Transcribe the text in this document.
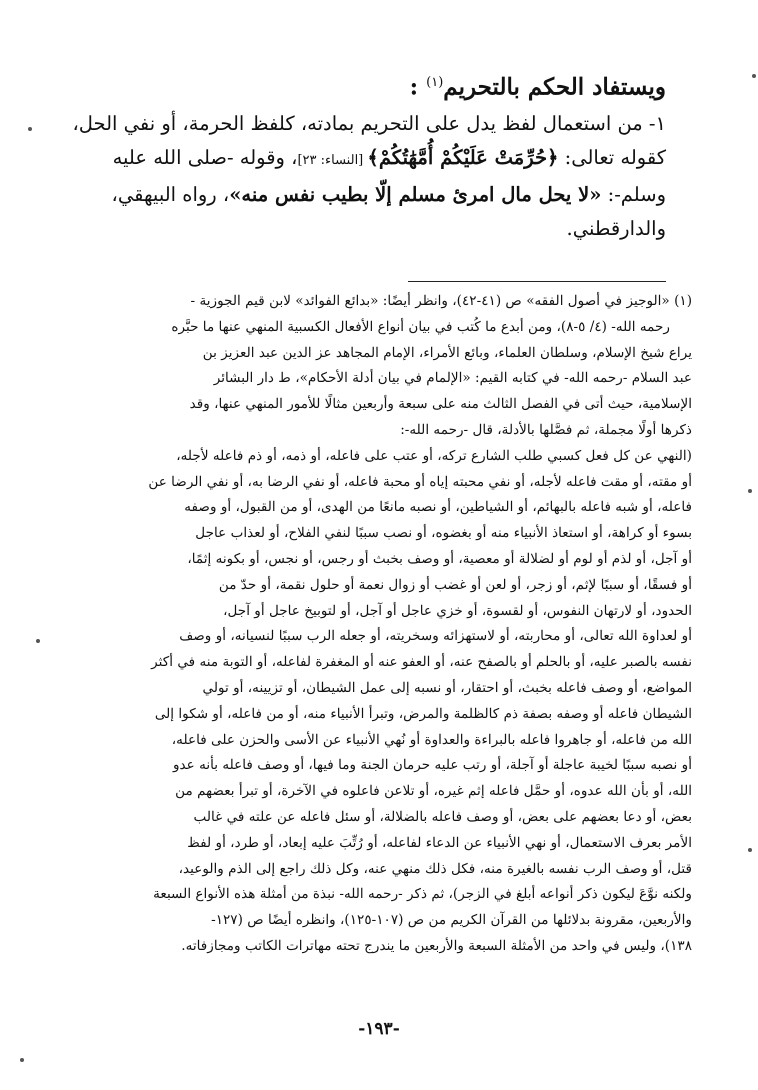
ويستفاد الحكم بالتحريم$^{(١)}$ :

١- من استعمال لفظ يدل على التحريم بمادته، كلفظ الحرمة، أو نفي الحل،

كقوله تعالى: ﴿حُرِّمَتْ عَلَيْكُمْ أُمَّهَٰتُكُمْ﴾ [النساء: ٢٣]، وقوله -صلى الله عليه

وسلم-: «لا يحل مال امرئ مسلم إلّا بطيب نفس منه»، رواه البيهقي،

والدارقطني.

(١) «الوجيز في أصول الفقه» ص (٤١-٤٢)، وانظر أيضًا: «بدائع الفوائد» لابن قيم الجوزية -
رحمه الله- (٤/ ٥-٨)، ومن أبدع ما كُتب في بيان أنواع الأفعال الكسبية المنهي عنها ما حبَّره
يراع شيخ الإسلام، وسلطان العلماء، وبائع الأمراء، الإمام المجاهد عز الدين عبد العزيز بن
عبد السلام -رحمه الله- في كتابه القيم: «الإلمام في بيان أدلة الأحكام»، ط دار البشائر
الإسلامية، حيث أتى في الفصل الثالث منه على سبعة وأربعين مثالًا للأمور المنهي عنها، وقد
ذكرها أولًا مجملة، ثم فصَّلها بالأدلة، قال -رحمه الله-:
(النهي عن كل فعل كسبي طلب الشارع تركه، أو عتب على فاعله، أو ذمه، أو ذم فاعله لأجله،
أو مقته، أو مقت فاعله لأجله، أو نفي محبته إياه أو محبة فاعله، أو نفي الرضا به، أو نفي الرضا عن
فاعله، أو شبه فاعله بالبهائم، أو الشياطين، أو نصبه مانعًا من الهدى، أو من القبول، أو وصفه
بسوء أو كراهة، أو استعاذ الأنبياء منه أو بغضوه، أو نصب سببًا لنفي الفلاح، أو لعذاب عاجل
أو آجل، أو لذم أو لوم أو لضلالة أو معصية، أو وصف بخبث أو رجس، أو نجس، أو بكونه إثمًا،
أو فسقًا، أو سببًا لإثم، أو زجر، أو لعن أو غضب أو زوال نعمة أو حلول نقمة، أو حدّ من
الحدود، أو لارتهان النفوس، أو لقسوة، أو خزي عاجل أو آجل، أو لتوبيخ عاجل أو آجل،
أو لعداوة الله تعالى، أو محاربته، أو لاستهزائه وسخريته، أو جعله الرب سببًا لنسيانه، أو وصف
نفسه بالصبر عليه، أو بالحلم أو بالصفح عنه، أو العفو عنه أو المغفرة لفاعله، أو التوبة منه في أكثر
المواضع، أو وصف فاعله بخبث، أو احتقار، أو نسبه إلى عمل الشيطان، أو تزيينه، أو تولي
الشيطان فاعله أو وصفه بصفة ذم كالظلمة والمرض، وتبرأ الأنبياء منه، أو من فاعله، أو شكوا إلى
الله من فاعله، أو جاهروا فاعله بالبراءة والعداوة أو نُهي الأنبياء عن الأسى والحزن على فاعله،
أو نصبه سببًا لخيبة عاجلة أو آجلة، أو رتب عليه حرمان الجنة وما فيها، أو وصف فاعله بأنه عدو
الله، أو بأن الله عدوه، أو حمَّل فاعله إثم غيره، أو تلاعن فاعلوه في الآخرة، أو تبرأ بعضهم من
بعض، أو دعا بعضهم على بعض، أو وصف فاعله بالضلالة، أو سئل فاعله عن علته في غالب
الأمر بعرف الاستعمال، أو نهي الأنبياء عن الدعاء لفاعله، أو رُتِّبَ عليه إبعاد، أو طرد، أو لفظ
قتل، أو وصف الرب نفسه بالغيرة منه، فكل ذلك منهي عنه، وكل ذلك راجع إلى الذم والوعيد،
ولكنه نوَّعَ ليكون ذكر أنواعه أبلغ في الزجر)، ثم ذكر -رحمه الله- نبذة من أمثلة هذه الأنواع السبعة
والأربعين، مقرونة بدلائلها من القرآن الكريم من ص (١٠٧-١٢٥)، وانظره أيضًا ص (١٢٧-
١٣٨)، وليس في واحد من الأمثلة السبعة والأربعين ما يندرج تحته مهاترات الكاتب ومجازفاته.
-١٩٣-
